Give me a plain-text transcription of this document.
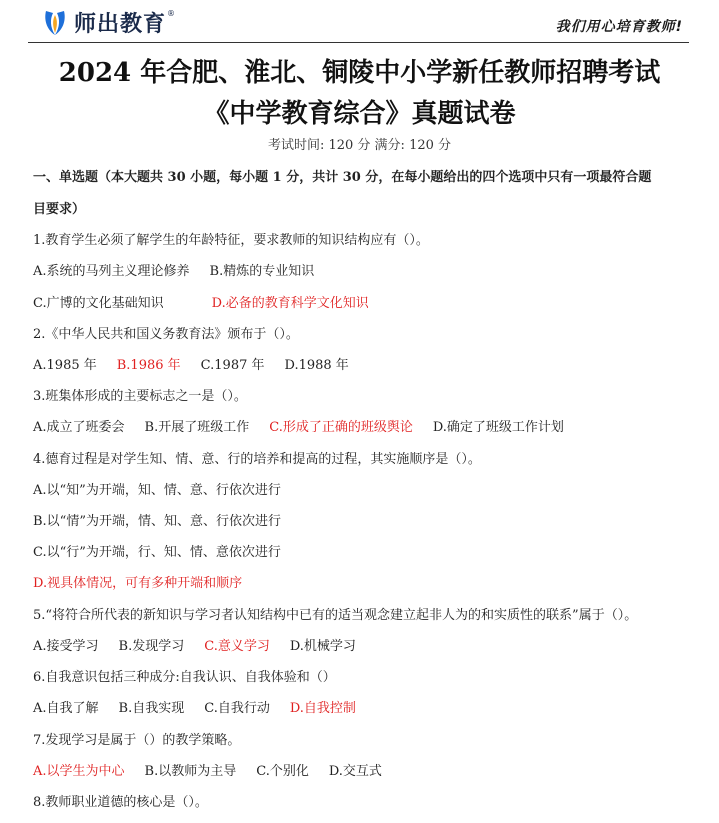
师出教育 ®
我们用心培育教师!
2024 年合肥、淮北、铜陵中小学新任教师招聘考试
《中学教育综合》真题试卷
考试时间: 120 分 满分: 120 分
一、单选题（本大题共 30 小题，每小题 1 分，共计 30 分，在每小题给出的四个选项中只有一项最符合题
目要求）
1.教育学生必须了解学生的年龄特征，要求教师的知识结构应有（）。
A.系统的马列主义理论修养 B.精炼的专业知识
C.广博的文化基础知识	D.必备的教育科学文化知识
2.《中华人民共和国义务教育法》颁布于（）。
A.1985 年 B.1986 年 C.1987 年 D.1988 年
3.班集体形成的主要标志之一是（）。
A.成立了班委会 B.开展了班级工作 C.形成了正确的班级舆论 D.确定了班级工作计划
4.德育过程是对学生知、情、意、行的培养和提高的过程，其实施顺序是（）。
A.以“知”为开端，知、情、意、行依次进行
B.以“情”为开端，情、知、意、行依次进行
C.以“行”为开端，行、知、情、意依次进行
D.视具体情况，可有多种开端和顺序
5.“将符合所代表的新知识与学习者认知结构中已有的适当观念建立起非人为的和实质性的联系”属于（）。
A.接受学习 B.发现学习 C.意义学习 D.机械学习
6.自我意识包括三种成分:自我认识、自我体验和（）
A.自我了解 B.自我实现 C.自我行动 D.自我控制
7.发现学习是属于（）的教学策略。
A.以学生为中心 B.以教师为主导 C.个别化 D.交互式
8.教师职业道德的核心是（）。
